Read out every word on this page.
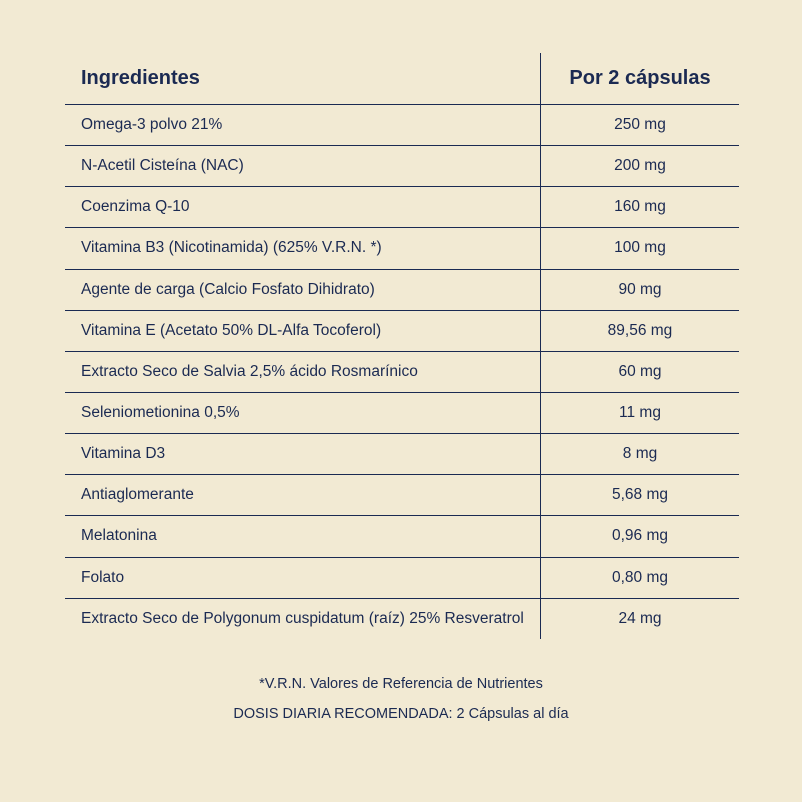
Ingredientes	Por 2 cápsulas
Omega-3 polvo 21%	250 mg
N-Acetil Cisteína (NAC)	200 mg
Coenzima Q-10	160 mg
Vitamina B3 (Nicotinamida) (625% V.R.N. *)	100 mg
Agente de carga (Calcio Fosfato Dihidrato)	90 mg
Vitamina E (Acetato 50% DL-Alfa Tocoferol)	89,56 mg
Extracto Seco de Salvia 2,5% ácido Rosmarínico	60 mg
Seleniometionina 0,5%	11 mg
Vitamina D3	8 mg
Antiaglomerante	5,68 mg
Melatonina	0,96 mg
Folato	0,80 mg
Extracto Seco de Polygonum cuspidatum (raíz) 25% Resveratrol	24 mg
*V.R.N. Valores de Referencia de Nutrientes
DOSIS DIARIA RECOMENDADA: 2 Cápsulas al día
